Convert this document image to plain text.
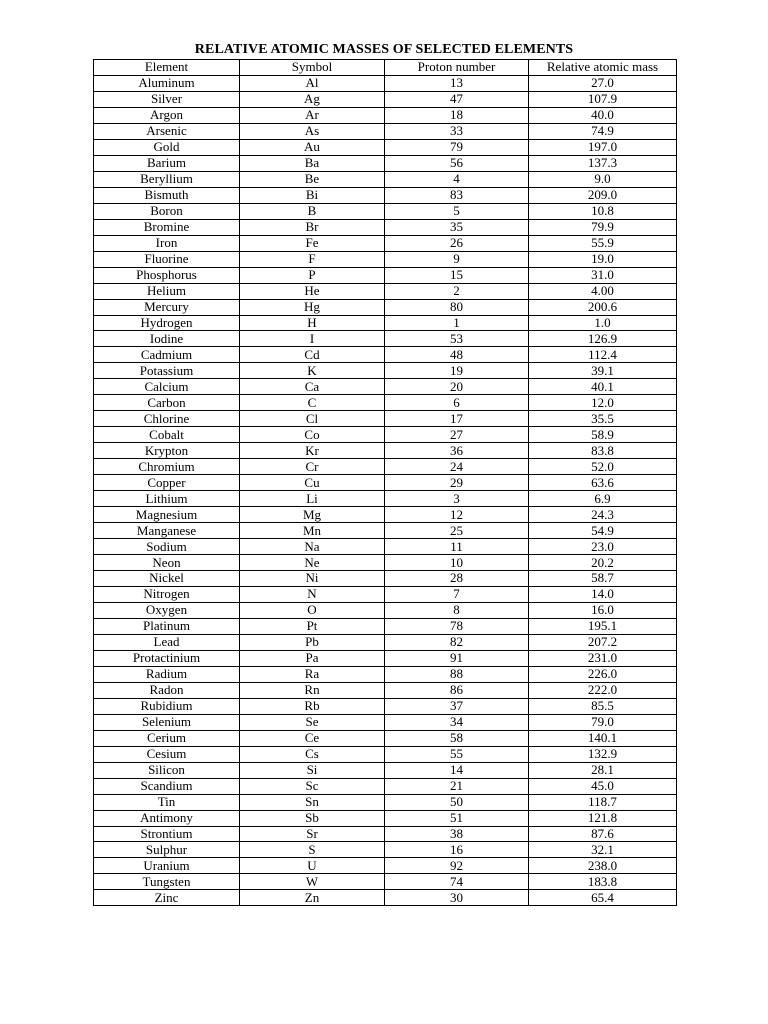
RELATIVE ATOMIC MASSES OF SELECTED ELEMENTS
Element	Symbol	Proton number	Relative atomic mass
Aluminum	Al	13	27.0
Silver	Ag	47	107.9
Argon	Ar	18	40.0
Arsenic	As	33	74.9
Gold	Au	79	197.0
Barium	Ba	56	137.3
Beryllium	Be	4	9.0
Bismuth	Bi	83	209.0
Boron	B	5	10.8
Bromine	Br	35	79.9
Iron	Fe	26	55.9
Fluorine	F	9	19.0
Phosphorus	P	15	31.0
Helium	He	2	4.00
Mercury	Hg	80	200.6
Hydrogen	H	1	1.0
Iodine	I	53	126.9
Cadmium	Cd	48	112.4
Potassium	K	19	39.1
Calcium	Ca	20	40.1
Carbon	C	6	12.0
Chlorine	Cl	17	35.5
Cobalt	Co	27	58.9
Krypton	Kr	36	83.8
Chromium	Cr	24	52.0
Copper	Cu	29	63.6
Lithium	Li	3	6.9
Magnesium	Mg	12	24.3
Manganese	Mn	25	54.9
Sodium	Na	11	23.0
Neon	Ne	10	20.2
Nickel	Ni	28	58.7
Nitrogen	N	7	14.0
Oxygen	O	8	16.0
Platinum	Pt	78	195.1
Lead	Pb	82	207.2
Protactinium	Pa	91	231.0
Radium	Ra	88	226.0
Radon	Rn	86	222.0
Rubidium	Rb	37	85.5
Selenium	Se	34	79.0
Cerium	Ce	58	140.1
Cesium	Cs	55	132.9
Silicon	Si	14	28.1
Scandium	Sc	21	45.0
Tin	Sn	50	118.7
Antimony	Sb	51	121.8
Strontium	Sr	38	87.6
Sulphur	S	16	32.1
Uranium	U	92	238.0
Tungsten	W	74	183.8
Zinc	Zn	30	65.4
